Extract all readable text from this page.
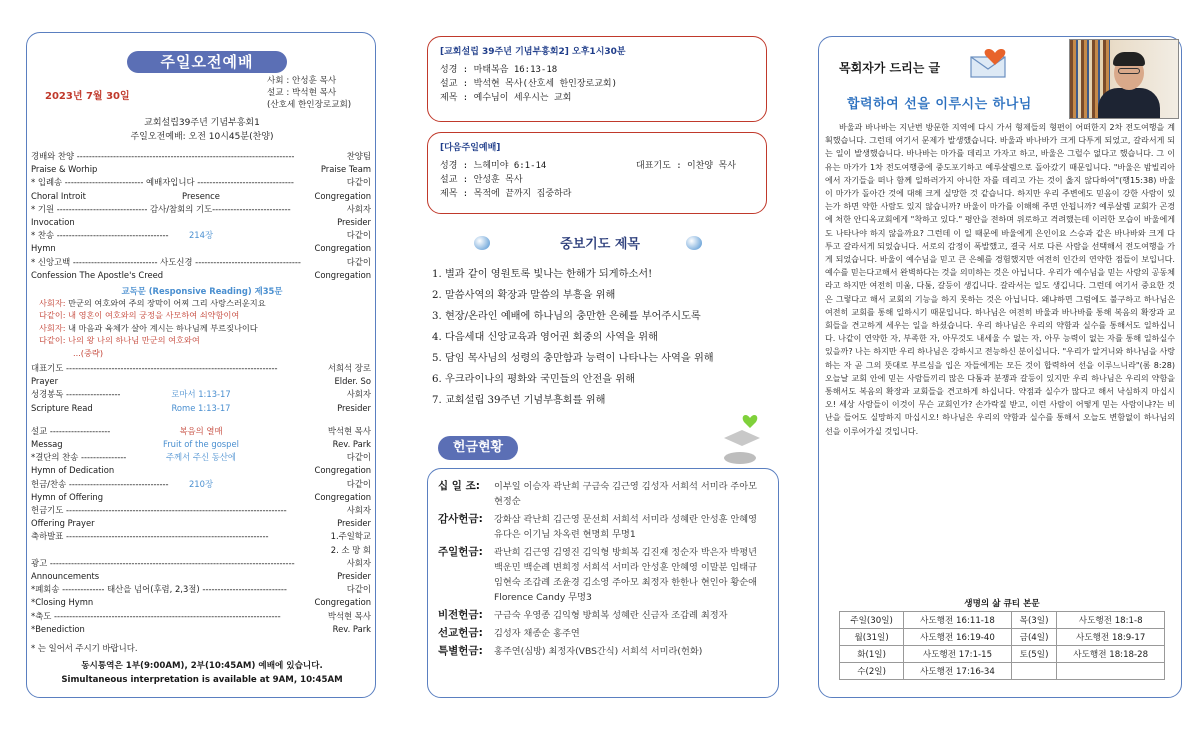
주일오전예배
2023년 7월 30일
사회 : 안성훈 목사
설교 : 박석현 목사
(산호세 한인장로교회)
교회설립39주년 기념부흥회1
주일오전예배: 오전 10시45분(찬양)
경배와 찬양 ------------------------------------------------------------------------	찬양팀
Praise & Worhip	Praise Team
* 입례송 -------------------------- 예배자입니다 --------------------------------	다같이
Choral Introit	Presence	Congregation
* 기원 ------------------------------ 감사/참회의 기도--------------------------	사회자
Invocation	Presider
* 찬송 -------------------------------------	214장	다같이
Hymn	Congregation
* 신앙고백 ---------------------------- 사도신경 -----------------------------------	다같이
Confession The Apostle's Creed	Congregation
교독문 (Responsive Reading) 제35문
사회자: 만군의 여호와여 주의 장막이 어찌 그리 사랑스러운지요
다같이: 내 영혼이 여호와의 궁정을 사모하여 쇠약함이여
사회자: 내 마음과 육체가 살아 계시는 하나님께 부르짖나이다
다같이: 나의 왕 나의 하나님 만군의 여호와여
...(중략)
대표기도 ----------------------------------------------------------------------	서희석 장로
Prayer	Elder. So
성경봉독 ------------------	로마서 1:13-17	사회자
Scripture Read	Rome 1:13-17	Presider
설교 --------------------	복음의 열매	박석현 목사
Messag	Fruit of the gospel	Rev. Park
*결단의 찬송 ---------------	주께서 주신 동산에	다같이
Hymn of Dedication	Congregation
헌금/찬송 ---------------------------------	210장	다같이
Hymn of Offering	Congregation
헌금기도 -------------------------------------------------------------------------	사회자
Offering Prayer	Presider
축하발표 -------------------------------------------------------------------	1.주일학교
2. 소 망 회
광고 ---------------------------------------------------------------------------------	사회자
Announcements	Presider
*폐회송 -------------- 태산을 넘어(후렴, 2,3절) ----------------------------	다같이
*Closing Hymn	Congregation
*축도 ---------------------------------------------------------------------------	박석현 목사
*Benediction	Rev. Park
* 는 일어서 주시기 바랍니다.
동시통역은 1부(9:00AM), 2부(10:45AM) 예배에 있습니다.
Simultaneous interpretation is available at 9AM, 10:45AM
[교회설립 39주년 기념부흥회2] 오후1시30분
성경 : 마태복음 16:13-18
설교 : 박석현 목사(산호세 한인장로교회)
제목 : 예수님이 세우시는 교회
[다음주일예배]
성경 : 느헤미야 6:1-14	대표기도 : 이찬양 목사
설교 : 안성훈 목사
제목 : 목적에 끝까지 집중하라
중보기도 제목
1. 별과 같이 영원토록 빛나는 한해가 되게하소서!
2. 말씀사역의 확장과 말씀의 부흥을 위해
3. 현장/온라인 예배에 하나님의 충만한 은혜를 부어주시도록
4. 다음세대 신앙교육과 영어권 회중의 사역을 위해
5. 담임 목사님의 성령의 충만함과 능력이 나타나는 사역을 위해
6. 우크라이나의 평화와 국민들의 안전을 위해
7. 교회설립 39주년 기념부흥회를 위해
헌금현황
십 일 조:	이부일 이승자 곽난희 구금숙 김근영 김성자 서희석 서미라 주아모 현정순
감사헌금:	강화삼 곽난희 김근영 문선희 서희석 서미라 성혜란 안성훈 안혜영 유다은 이기님 차옥련 현명희 무명1
주일헌금:	곽난희 김근영 김영진 김익형 방희복 김진재 정순자 박은자 박평년 백운민 백순례 변희정 서희석 서미라 안성훈 안혜영 이말분 임태규 임현숙 조갑례 조윤경 김소영 주아모 최정자 한한나 현인아 황순애 Florence Candy 무명3
비전헌금:	구금숙 우영종 김익형 방희복 성혜란 신금자 조갑례 최정자
선교헌금:	김성자 채종순 홍주연
특별헌금:	홍주연(심방) 최정자(VBS간식) 서희석 서미라(헌화)
목회자가 드리는 글
합력하여 선을 이루시는 하나님
바울과 바나바는 지난번 방문한 지역에 다시 가서 형제들의 형편이 어떠한지 2차 전도여행을 계획했습니다. 그런데 여기서 문제가 발생했습니다. 바울과 바나바가 크게 다투게 되었고, 갈라서게 되는 일이 발생했습니다. 바나바는 마가를 데리고 가자고 하고, 바울은 그럴수 없다고 했습니다. 그 이유는 마가가 1차 전도여행중에 중도포기하고 예루살렘으로 돌아갔기 때문입니다. "바울은 밤빌리아에서 자기들을 떠나 함께 일하러가지 아니한 자를 데리고 가는 것이 옳지 않다하여"(행15:38) 바울이 마가가 돌아간 것에 대해 크게 실망한 것 같습니다. 하지만 우리 주변에도 믿음이 강한 사람이 있는가 하면 약한 사람도 있지 않습니까? 바울이 마가를 이해해 주면 안됩니까? 예루살렘 교회가 곤경에 처한 안디옥교회에게 "착하고 있다." 평안을 전하며 위로하고 격려했는데 이러한 모습이 바울에게도 나타나야 하지 않을까요? 그런데 이 일 때문에 바울에게 은인이요 스승과 같은 바나바와 크게 다투고 갈라서게 되었습니다. 서로의 감정이 폭발했고, 결국 서로 다른 사람을 선택해서 전도여행을 가게 되었습니다. 바울이 예수님을 믿고 큰 은혜를 경험했지만 여전히 인간의 연약한 점들이 보입니다. 예수를 믿는다고해서 완벽하다는 것을 의미하는 것은 아닙니다. 우리가 예수님을 믿는 사람의 공동체라고 하지만 여전히 미움, 다툼, 갈등이 생깁니다. 갈라서는 일도 생깁니다. 그런데 여기서 중요한 것은 그렇다고 해서 교회의 기능을 하지 못하는 것은 아닙니다. 왜냐하면 그럼에도 불구하고 하나님은 여전히 교회를 통해 일하시기 때문입니다. 하나님은 여전히 바울과 바나바를 통해 복음의 확장과 교회들을 견고하게 세우는 일을 하셨습니다. 우리 하나님은 우리의 약함과 실수를 통해서도 일하십니다. 나같이 연약한 자, 부족한 자, 아무것도 내세울 수 없는 자, 아무 능력이 없는 자를 통해 일하실수 있을까? 나는 하지만 우리 하나님은 강하시고 전능하신 분이십니다. "우리가 알거니와 하나님을 사랑하는 자 곧 그의 뜻대로 부르심을 입은 자들에게는 모든 것이 합력하여 선을 이루느니라"(롬 8:28) 오늘날 교회 안에 믿는 사람들끼리 많은 다툼과 분쟁과 갈등이 있지만 우리 하나님은 우리의 약함을 통해서도 복음의 확장과 교회들을 견고하게 하십니다. 약점과 실수가 많다고 해서 낙심하지 마십시오! 세상 사람들이 이것이 무슨 교회인가? 손가락질 받고, 이런 사람이 어떻게 믿는 사람이냐?는 비난을 들어도 실망하지 마십시오! 하나님은 우리의 약함과 실수를 통해서 오늘도 변함없이 하나님의 선을 이루어가실 것입니다.
생명의 삶 큐티 본문
주일(30일)	사도행전 16:11-18	목(3일)	사도행전 18:1-8
월(31일)	사도행전 16:19-40	금(4일)	사도행전 18:9-17
화(1일)	사도행전 17:1-15	토(5일)	사도행전 18:18-28
수(2일)	사도행전 17:16-34		
